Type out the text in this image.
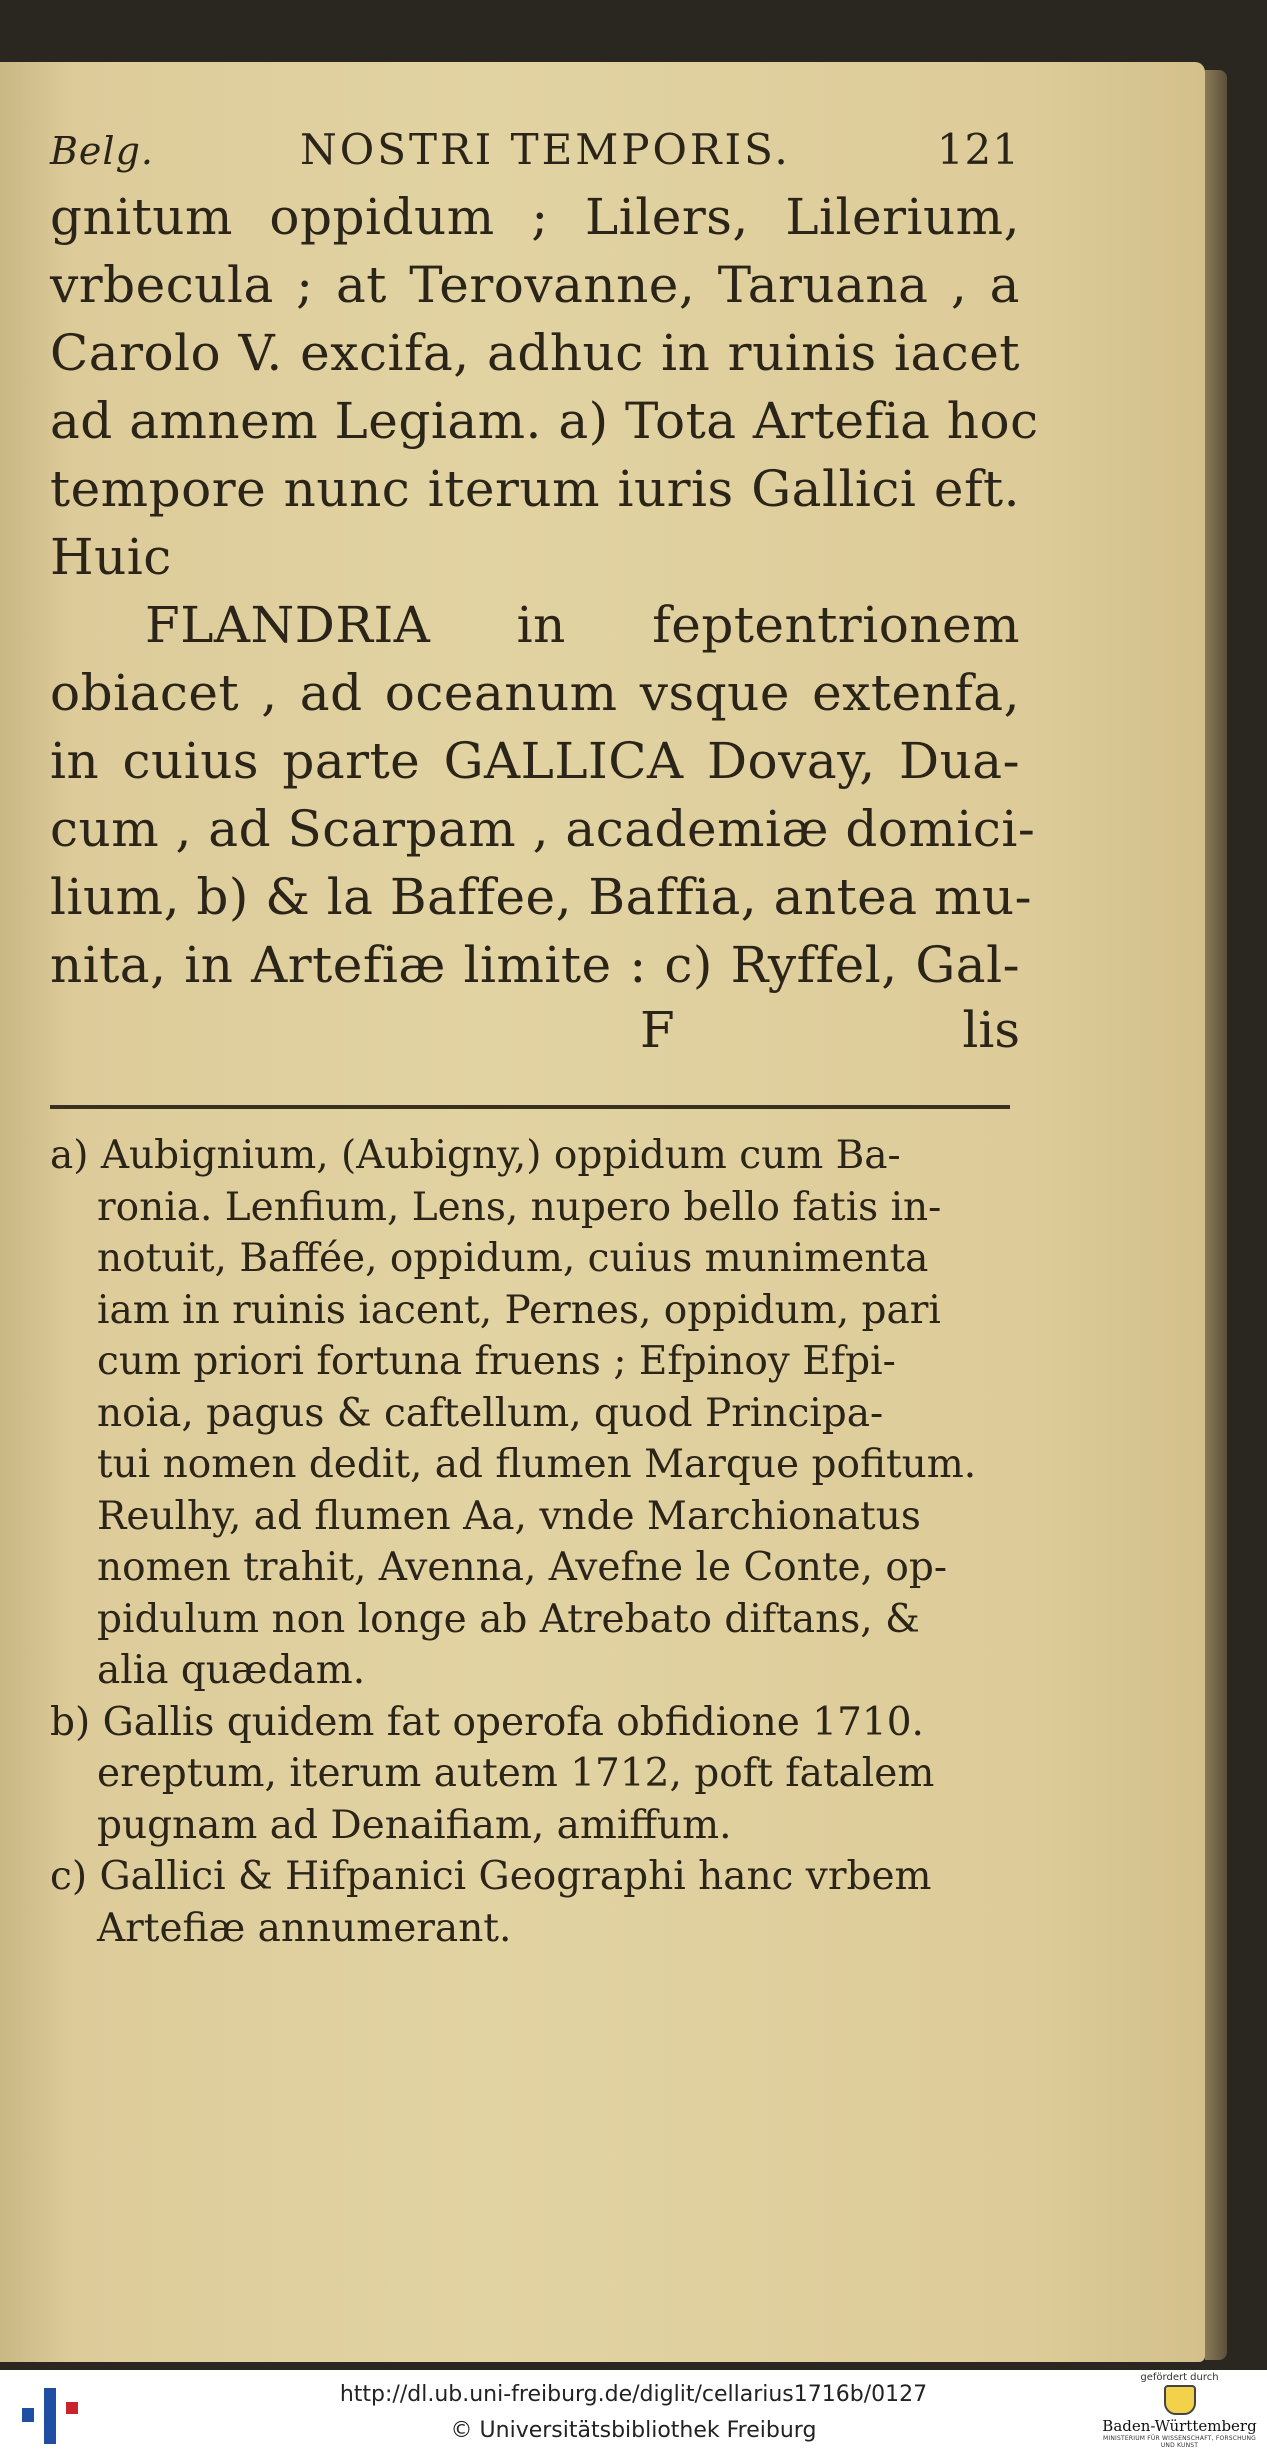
Belg.	NOSTRI TEMPORIS.	121
gnitum oppidum ; Lilers, Lilerium,
vrbecula ; at Terovanne, Taruana , a
Carolo V. excifa, adhuc in ruinis iacet
ad amnem Legiam. a) Tota Artefia hoc
tempore nunc iterum iuris Gallici eft.
Huic
FLANDRIA in feptentrionem
obiacet , ad oceanum vsque extenfa,
in cuius parte GALLICA Dovay, Dua-
cum , ad Scarpam , academiæ domici-
lium, b) & la Baffee, Baffia, antea mu-
nita, in Artefiæ limite : c) Ryffel, Gal-
F	lis
a) Aubignium, (Aubigny,) oppidum cum Ba-
ronia. Lenfium, Lens, nupero bello fatis in-
notuit, Baffée, oppidum, cuius munimenta
iam in ruinis iacent, Pernes, oppidum, pari
cum priori fortuna fruens ; Efpinoy Efpi-
noia, pagus & caftellum, quod Principa-
tui nomen dedit, ad flumen Marque pofitum.
Reulhy, ad flumen Aa, vnde Marchionatus
nomen trahit, Avenna, Avefne le Conte, op-
pidulum non longe ab Atrebato diftans, &
alia quædam.
b) Gallis quidem fat operofa obfidione 1710.
ereptum, iterum autem 1712, poft fatalem
pugnam ad Denaifiam, amiffum.
c) Gallici & Hifpanici Geographi hanc vrbem
Artefiæ annumerant.
http://dl.ub.uni-freiburg.de/diglit/cellarius1716b/0127
© Universitätsbibliothek Freiburg
gefördert durch
Baden-Württemberg
MINISTERIUM FÜR WISSENSCHAFT, FORSCHUNG UND KUNST
